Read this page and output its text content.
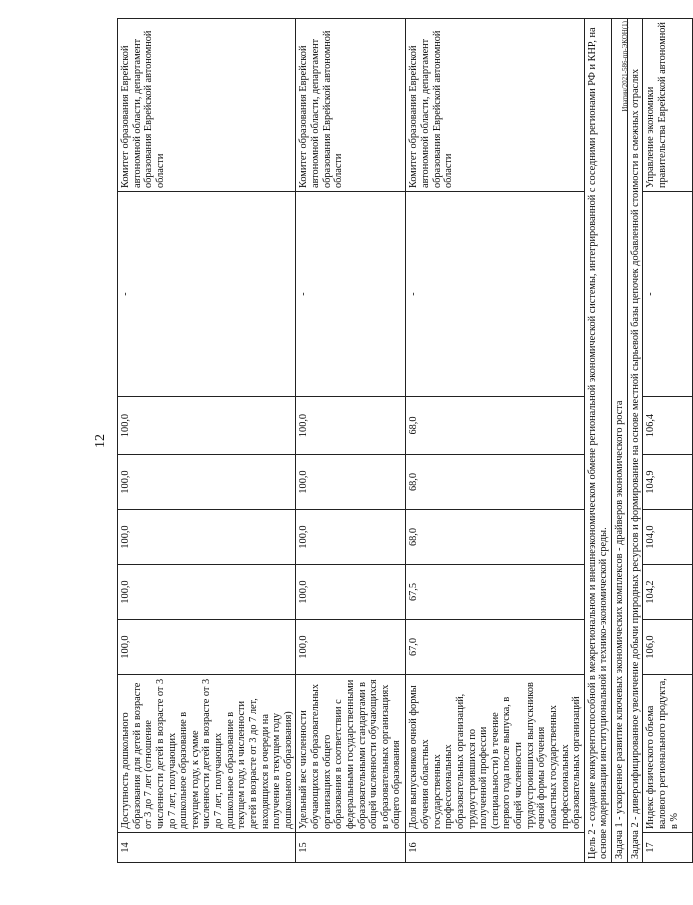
12
14	Доступность дошкольного образования для детей в возрасте от 3 до 7 лет (отношение численности детей в возрасте от 3 до 7 лет, получающих дошкольное образование в текущем году, к сумме численности детей в возрасте от 3 до 7 лет, получающих дошкольное образование в текущем году, и численности детей в возрасте от 3 до 7 лет, находящихся в очереди на получение в текущем году дошкольного образования)	100,0	100,0	100,0	100,0	100,0	-	Комитет образования Еврейской автономной области, департамент образования Еврейской автономной области
15	Удельный вес численности обучающихся в образовательных организациях общего образования в соответствии с федеральными государственными образовательными стандартами в общей численности обучающихся в образовательных организациях общего образования	100,0	100,0	100,0	100,0	100,0	-	Комитет образования Еврейской автономной области, департамент образования Еврейской автономной области
16	Доля выпускников очной формы обучения областных государственных профессиональных образовательных организаций, трудоустроившихся по полученной профессии (специальности) в течение первого года после выпуска, в общей численности трудоустроившихся выпускников очной формы обучения областных государственных профессиональных образовательных организаций	67,0	67,5	68,0	68,0	68,0	-	Комитет образования Еврейской автономной области, департамент образования Еврейской автономной области
Цель 2 - создание конкурентоспособной в межрегиональном и внешнеэкономическом обмене региональной экономической системы, интегрированной с соседними регионами РФ и КНР, на основе модернизации институциональной и технико-экономической среды.								
Задача 1 - ускоренное развитие ключевых экономических комплексов - драйверов экономического роста								
Задача 2 - диверсифицированное увеличение добычи природных ресурсов и формирование на основе местной сырьевой базы цепочек добавленной стоимости в смежных отраслях								
17	Индекс физического объема валового регионального продукта, в %	106,0	104,2	104,0	104,9	106,4	-	Управление экономики правительства Еврейской автономной
Ипатин/2021-586-пп-ЭКОН(1)
